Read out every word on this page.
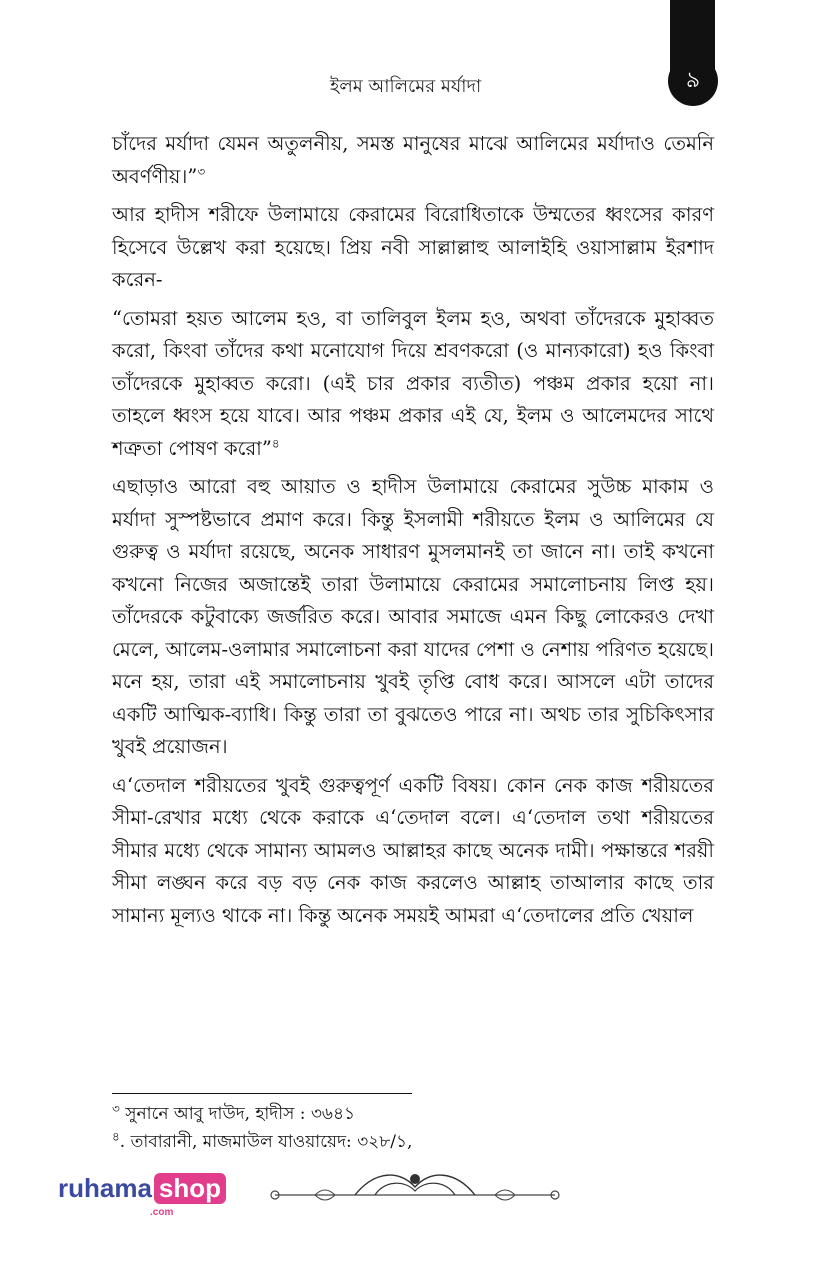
৯
ইলম আলিমের মর্যাদা

চাঁদের মর্যাদা যেমন অতুলনীয়, সমস্ত মানুষের মাঝে আলিমের মর্যাদাও তেমনি অবর্ণণীয়।”$^৩$

আর হাদীস শরীফে উলামায়ে কেরামের বিরোধিতাকে উম্মতের ধ্বংসের কারণ হিসেবে উল্লেখ করা হয়েছে। প্রিয় নবী সাল্লাল্লাহু আলাইহি ওয়াসাল্লাম ইরশাদ করেন-

“তোমরা হয়ত আলেম হও, বা তালিবুল ইলম হও, অথবা তাঁদেরকে মুহাব্বত করো, কিংবা তাঁদের কথা মনোযোগ দিয়ে শ্রবণকরো (ও মান্যকারো) হও কিংবা তাঁদেরকে মুহাব্বত করো। (এই চার প্রকার ব্যতীত) পঞ্চম প্রকার হয়ো না। তাহলে ধ্বংস হয়ে যাবে। আর পঞ্চম প্রকার এই যে, ইলম ও আলেমদের সাথে শত্রুতা পোষণ করো”$^৪$

এছাড়াও আরো বহু আয়াত ও হাদীস উলামায়ে কেরামের সুউচ্চ মাকাম ও মর্যাদা সুস্পষ্টভাবে প্রমাণ করে। কিন্তু ইসলামী শরীয়তে ইলম ও আলিমের যে গুরুত্ব ও মর্যাদা রয়েছে, অনেক সাধারণ মুসলমানই তা জানে না। তাই কখনো কখনো নিজের অজান্তেই তারা উলামায়ে কেরামের সমালোচনায় লিপ্ত হয়। তাঁদেরকে কটুবাক্যে জর্জরিত করে। আবার সমাজে এমন কিছু লোকেরও দেখা মেলে, আলেম-ওলামার সমালোচনা করা যাদের পেশা ও নেশায় পরিণত হয়েছে। মনে হয়, তারা এই সমালোচনায় খুবই তৃপ্তি বোধ করে। আসলে এটা তাদের একটি আত্মিক-ব্যাধি। কিন্তু তারা তা বুঝতেও পারে না। অথচ তার সুচিকিৎসার খুবই প্রয়োজন।

এ‘তেদাল শরীয়তের খুবই গুরুত্বপূর্ণ একটি বিষয়। কোন নেক কাজ শরীয়তের সীমা-রেখার মধ্যে থেকে করাকে এ‘তেদাল বলে। এ‘তেদাল তথা শরীয়তের সীমার মধ্যে থেকে সামান্য আমলও আল্লাহর কাছে অনেক দামী। পক্ষান্তরে শরয়ী সীমা লঙ্ঘন করে বড় বড় নেক কাজ করলেও আল্লাহ তাআলার কাছে তার সামান্য মূল্যও থাকে না। কিন্তু অনেক সময়ই আমরা এ‘তেদালের প্রতি খেয়াল

$^৩$ সুনানে আবু দাউদ, হাদীস : ৩৬৪১
$^৪$. তাবারানী, মাজমাউল যাওয়ায়েদ: ৩২৮/১,
ruhama shop
.com
